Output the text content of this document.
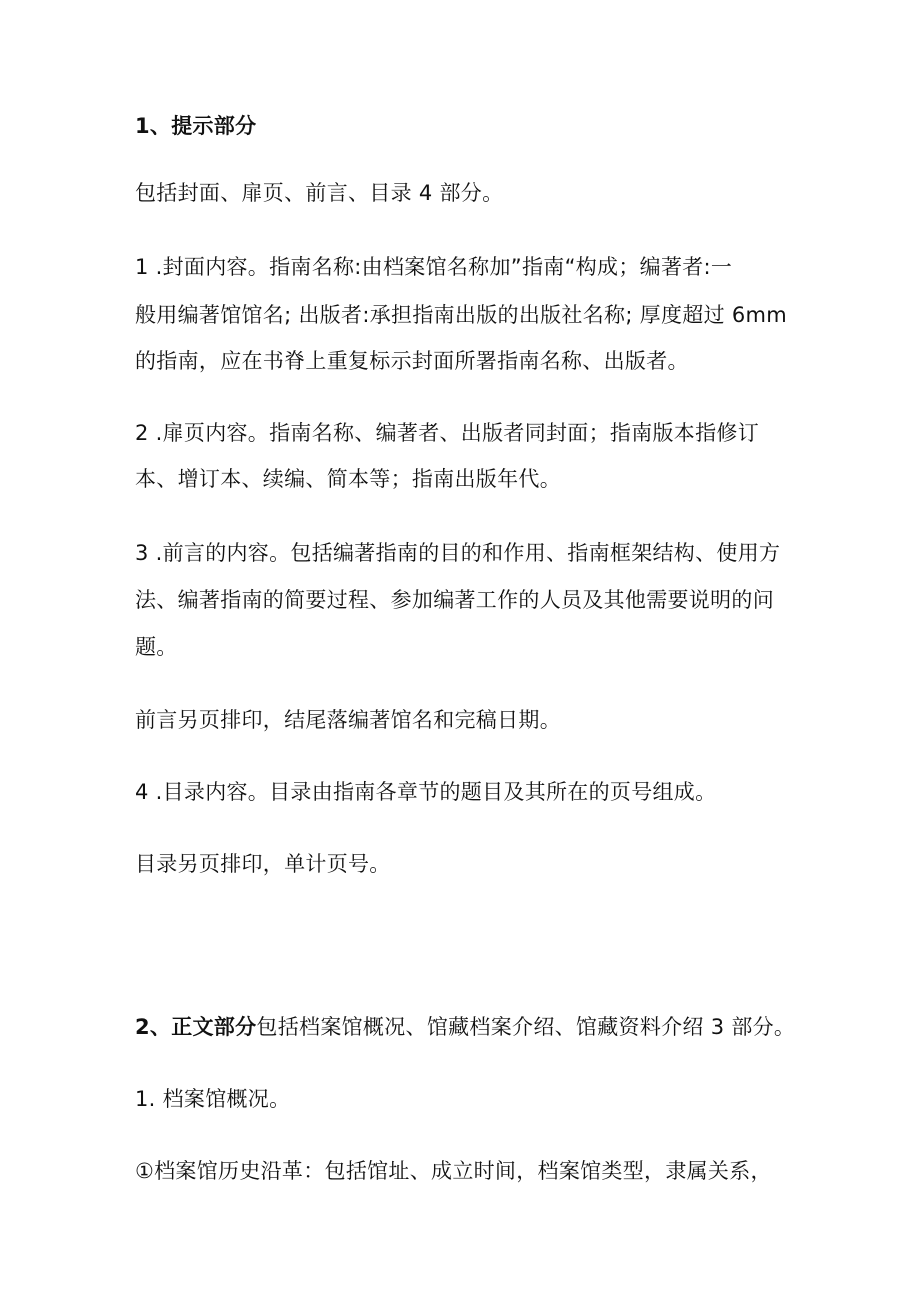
1、提示部分
包括封面、扉页、前言、目录 4 部分。
1 .封面内容。指南名称:由档案馆名称加”指南“构成；编著者:一
般用编著馆馆名; 出版者:承担指南出版的出版社名称; 厚度超过 6mm
的指南，应在书脊上重复标示封面所署指南名称、出版者。
2 .扉页内容。指南名称、编著者、出版者同封面；指南版本指修订
本、增订本、续编、简本等；指南出版年代。
3 .前言的内容。包括编著指南的目的和作用、指南框架结构、使用方
法、编著指南的简要过程、参加编著工作的人员及其他需要说明的问
题。
前言另页排印，结尾落编著馆名和完稿日期。
4 .目录内容。目录由指南各章节的题目及其所在的页号组成。
目录另页排印，单计页号。
2、正文部分包括档案馆概况、馆藏档案介绍、馆藏资料介绍 3 部分。
1. 档案馆概况。
①档案馆历史沿革：包括馆址、成立时间，档案馆类型，隶属关系，
